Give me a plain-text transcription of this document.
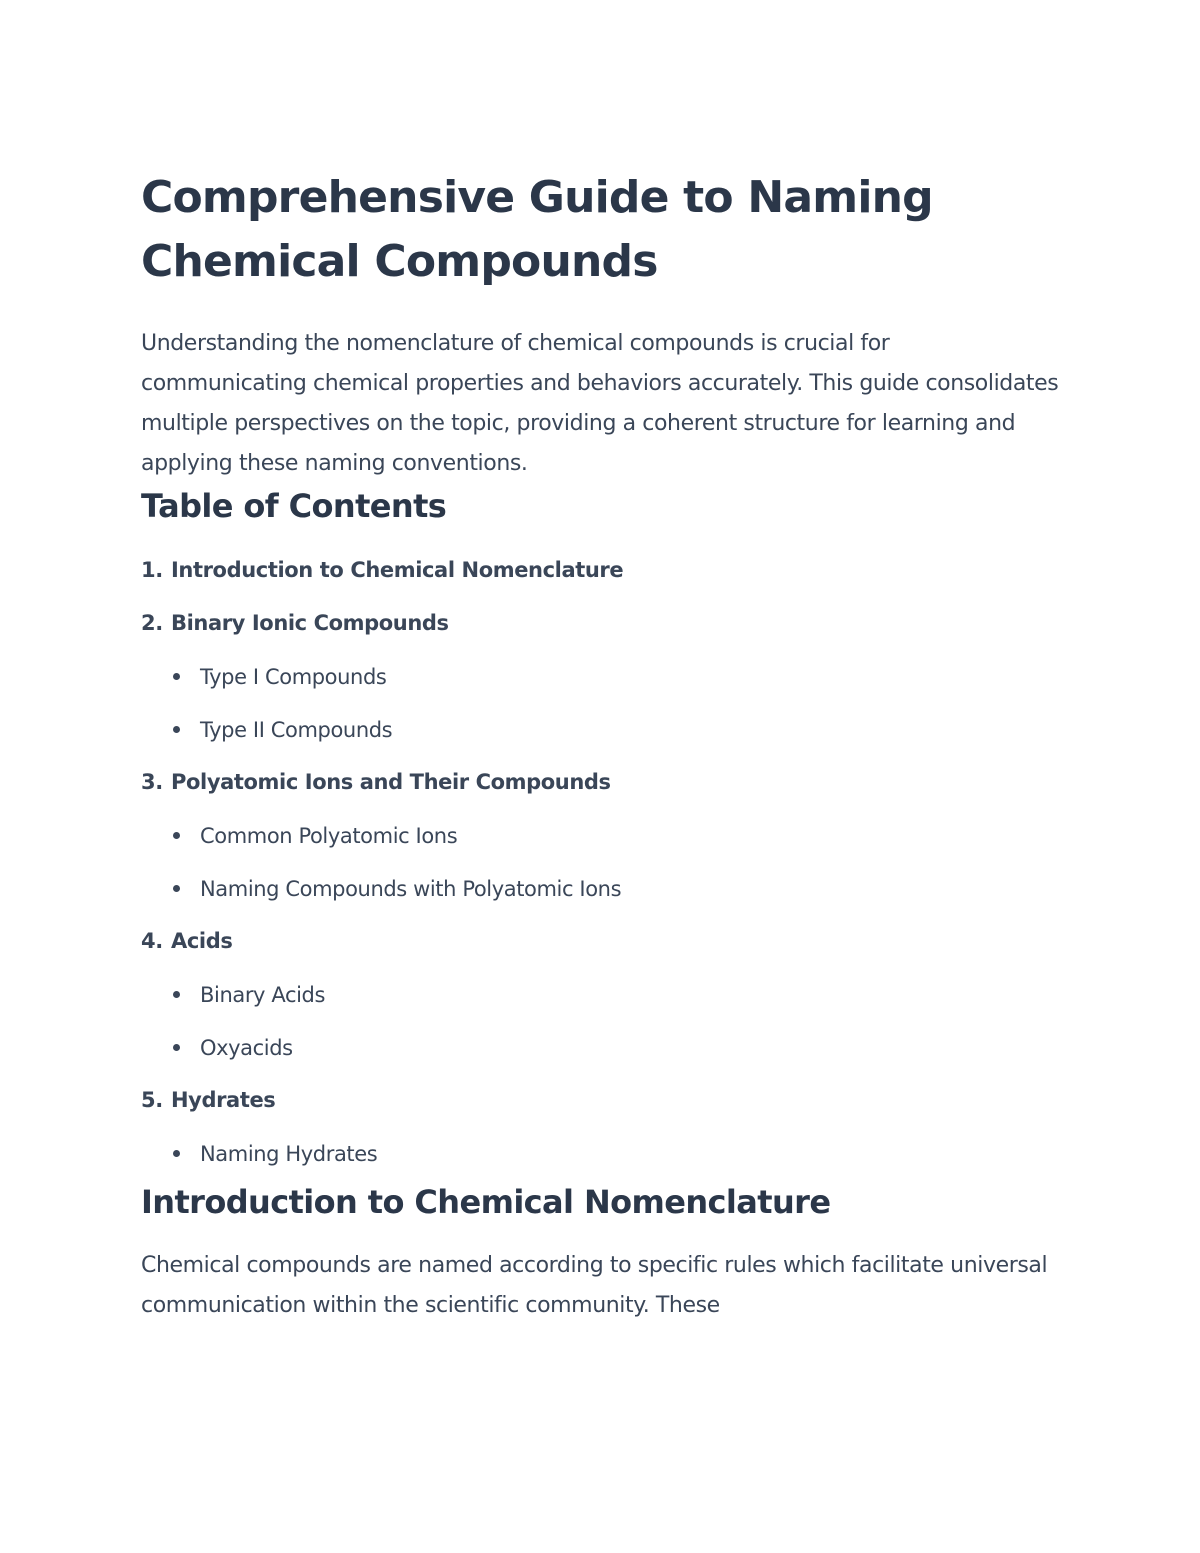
Comprehensive Guide to Naming Chemical Compounds

Understanding the nomenclature of chemical compounds is crucial for communicating chemical properties and behaviors accurately. This guide consolidates multiple perspectives on the topic, providing a coherent structure for learning and applying these naming conventions.

Table of Contents
1. Introduction to Chemical Nomenclature
2. Binary Ionic Compounds
Type I Compounds
Type II Compounds
3. Polyatomic Ions and Their Compounds
Common Polyatomic Ions
Naming Compounds with Polyatomic Ions
4. Acids
Binary Acids
Oxyacids
5. Hydrates
Naming Hydrates
Introduction to Chemical Nomenclature

Chemical compounds are named according to specific rules which facilitate universal communication within the scientific community. These
